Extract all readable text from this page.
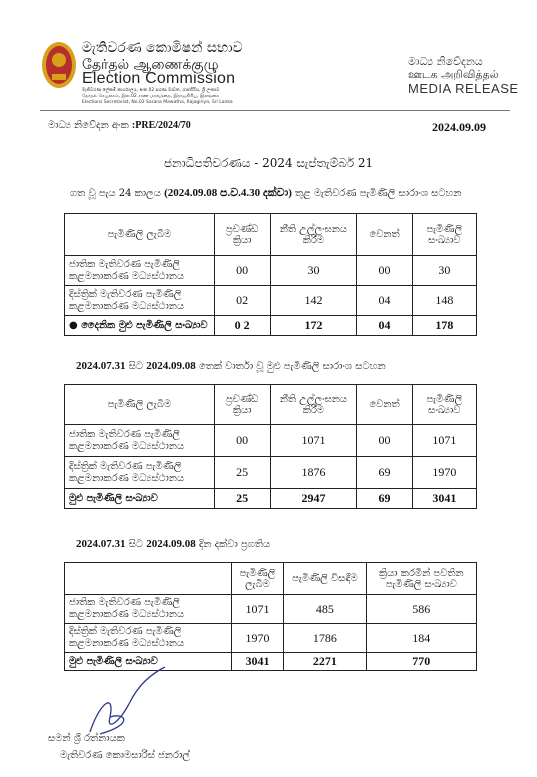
මැතිවරණ කොමිෂන් සභාව
தேர்தல் ஆணைக்குழு
Election Commission
මැතිවරණ ලේකම් කාර්යාලය, අංක 02 සරණ මාවත, රාජගිරිය, ශ්‍රී ලංකාව
தேர்தல் செயலகம், இல.02 சரண மாவத்தை, இராஜகிரிய, இலங்கை
Elections Secretariat, No.02 Sarana Mawatha, Rajagiriya, Sri Lanka
මාධ්‍ය නිවේදනය
ஊடக அறிவித்தல்
MEDIA RELEASE
මාධ්‍ය නිවේදන අංක :PRE/2024/70	2024.09.09
ජනාධිපතිවරණය - 2024 සැප්තැම්බර් 21
ගත වූ පැය 24 කාලය (2024.09.08 ප.ව.4.30 දක්වා) තුළ මැතිවරණ පැමිණිලි සාරාංශ සටහන
පැමිණිලි ලැබීම	ප්‍රචණ්ඩ ක්‍රියා	නීති උල්ලංඝනය කිරීම	වෙනත්	පැමිණිලි සංඛ්‍යාව
ජාතික මැතිවරණ පැමිණිලි කළමනාකරණ මධ්‍යස්ථානය	00	30	00	30
දිස්ත්‍රික් මැතිවරණ පැමිණිලි කළමනාකරණ මධ්‍යස්ථානය	02	142	04	148
● දෛනික මුළු පැමිණිලි සංඛ්‍යාව	0 2	172	04	178
2024.07.31 සිට 2024.09.08 තෙක් වාර්තා වූ මුළු පැමිණිලි සාරාංශ සටහන
පැමිණිලි ලැබීම	ප්‍රචණ්ඩ ක්‍රියා	නීති උල්ලංඝනය කිරීම	වෙනත්	පැමිණිලි සංඛ්‍යාව
ජාතික මැතිවරණ පැමිණිලි කළමනාකරණ මධ්‍යස්ථානය	00	1071	00	1071
දිස්ත්‍රික් මැතිවරණ පැමිණිලි කළමනාකරණ මධ්‍යස්ථානය	25	1876	69	1970
මුළු පැමිණිලි සංඛ්‍යාව	25	2947	69	3041
2024.07.31 සිට 2024.09.08 දින දක්වා ප්‍රගතිය
	පැමිණිලි ලැබීම	පැමිණිලි විසඳීම	ක්‍රියා කරමින් පවතින පැමිණිලි සංඛ්‍යාව
ජාතික මැතිවරණ පැමිණිලි කළමනාකරණ මධ්‍යස්ථානය	1071	485	586
දිස්ත්‍රික් මැතිවරණ පැමිණිලි කළමනාකරණ මධ්‍යස්ථානය	1970	1786	184
මුළු පැමිණිලි සංඛ්‍යාව	3041	2271	770
සමන් ශ්‍රී රත්නායක
මැතිවරණ කොමසාරිස් ජනරාල්
